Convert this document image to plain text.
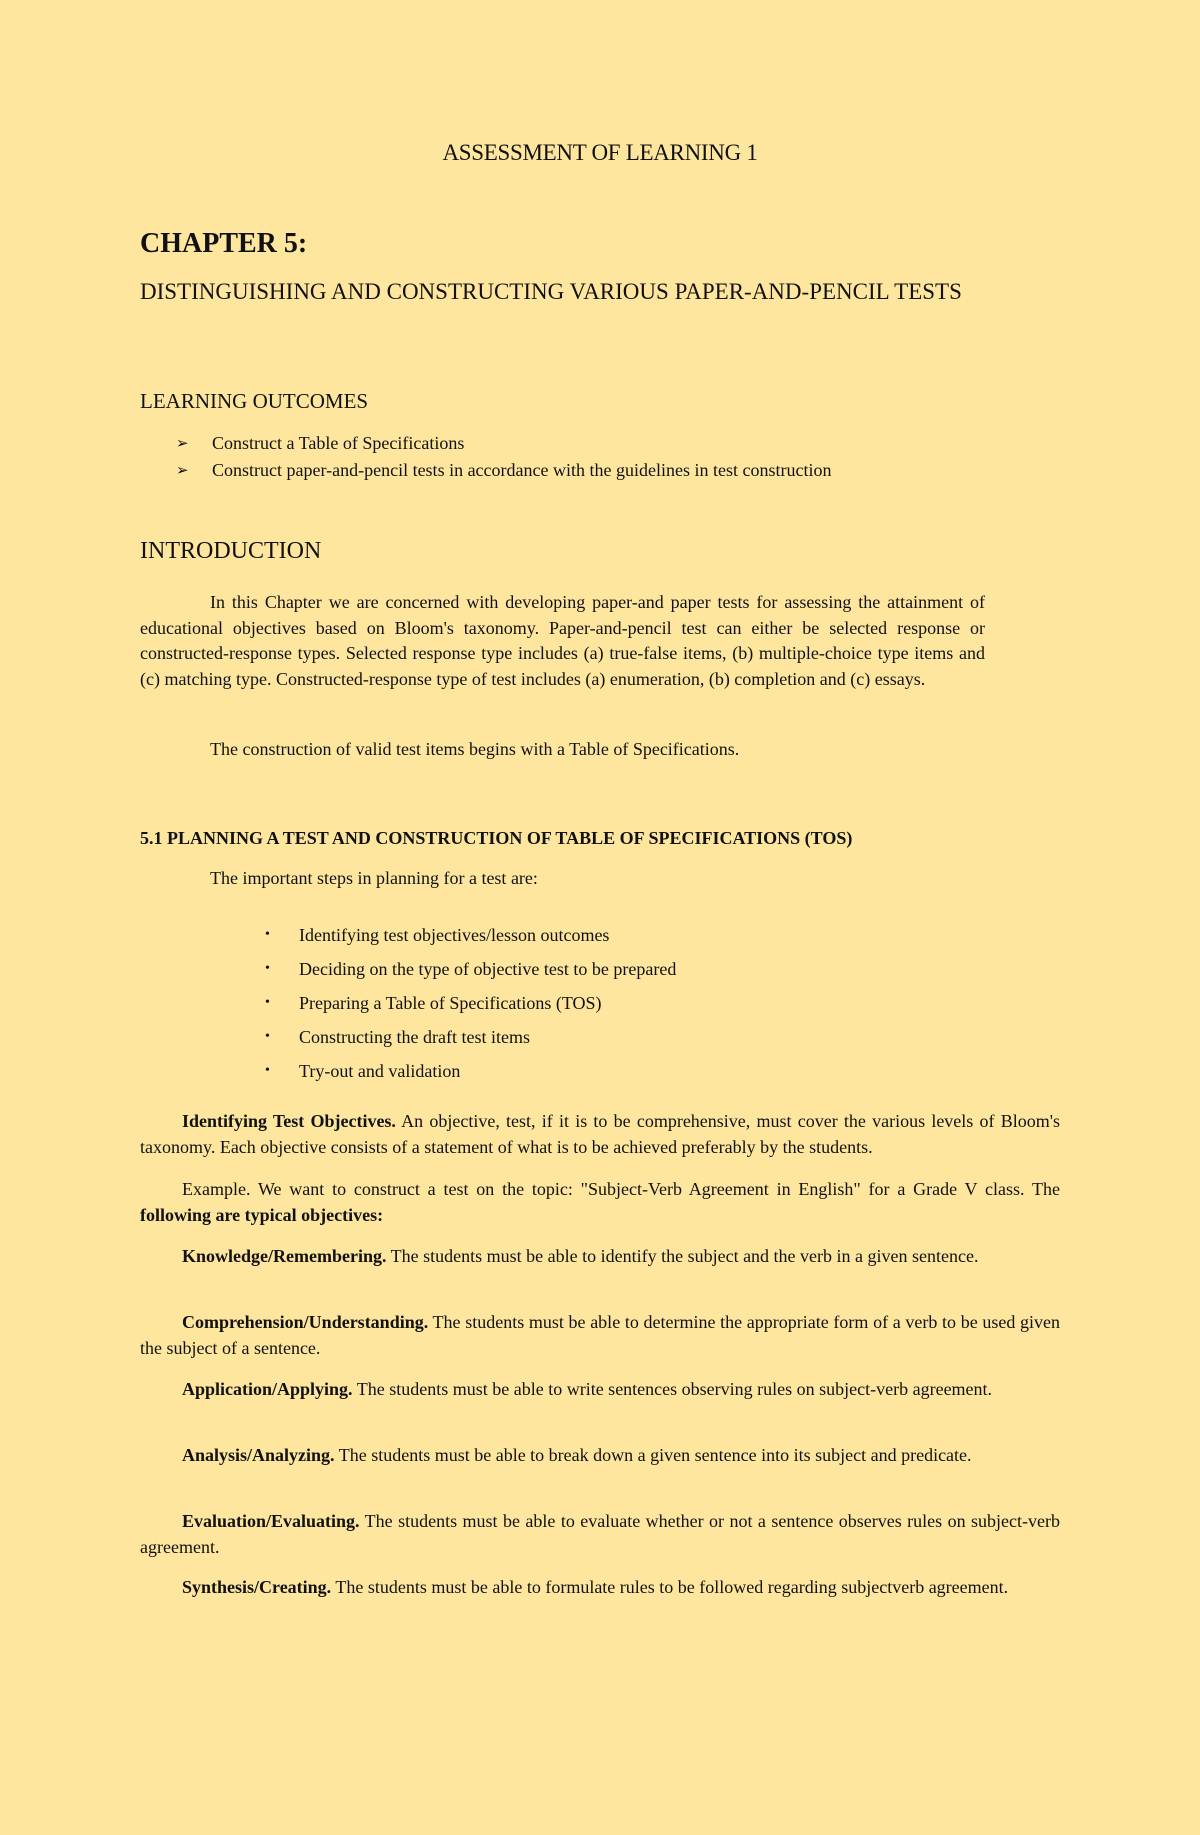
ASSESSMENT OF LEARNING 1
CHAPTER 5:
DISTINGUISHING AND CONSTRUCTING VARIOUS PAPER-AND-PENCIL TESTS
LEARNING OUTCOMES
➢	Construct a Table of Specifications
➢	Construct paper-and-pencil tests in accordance with the guidelines in test construction
INTRODUCTION
In this Chapter we are concerned with developing paper-and paper tests for assessing the attainment of educational objectives based on Bloom's taxonomy. Paper-and-pencil test can either be selected response or constructed-response types. Selected response type includes (a) true-false items, (b) multiple-choice type items and (c) matching type. Constructed-response type of test includes (a) enumeration, (b) completion and (c) essays.
The construction of valid test items begins with a Table of Specifications.
5.1 PLANNING A TEST AND CONSTRUCTION OF TABLE OF SPECIFICATIONS (TOS)
The important steps in planning for a test are:
•	Identifying test objectives/lesson outcomes
•	Deciding on the type of objective test to be prepared
•	Preparing a Table of Specifications (TOS)
•	Constructing the draft test items
•	Try-out and validation

Identifying Test Objectives. An objective, test, if it is to be comprehensive, must cover the various levels of Bloom's taxonomy. Each objective consists of a statement of what is to be achieved preferably by the students.

Example. We want to construct a test on the topic: "Subject-Verb Agreement in English" for a Grade V class. The following are typical objectives:

Knowledge/Remembering. The students must be able to identify the subject and the verb in a given sentence.

Comprehension/Understanding. The students must be able to determine the appropriate form of a verb to be used given the subject of a sentence.

Application/Applying. The students must be able to write sentences observing rules on subject-verb agreement.

Analysis/Analyzing. The students must be able to break down a given sentence into its subject and predicate.

Evaluation/Evaluating. The students must be able to evaluate whether or not a sentence observes rules on subject-verb agreement.

Synthesis/Creating. The students must be able to formulate rules to be followed regarding subjectverb agreement.
